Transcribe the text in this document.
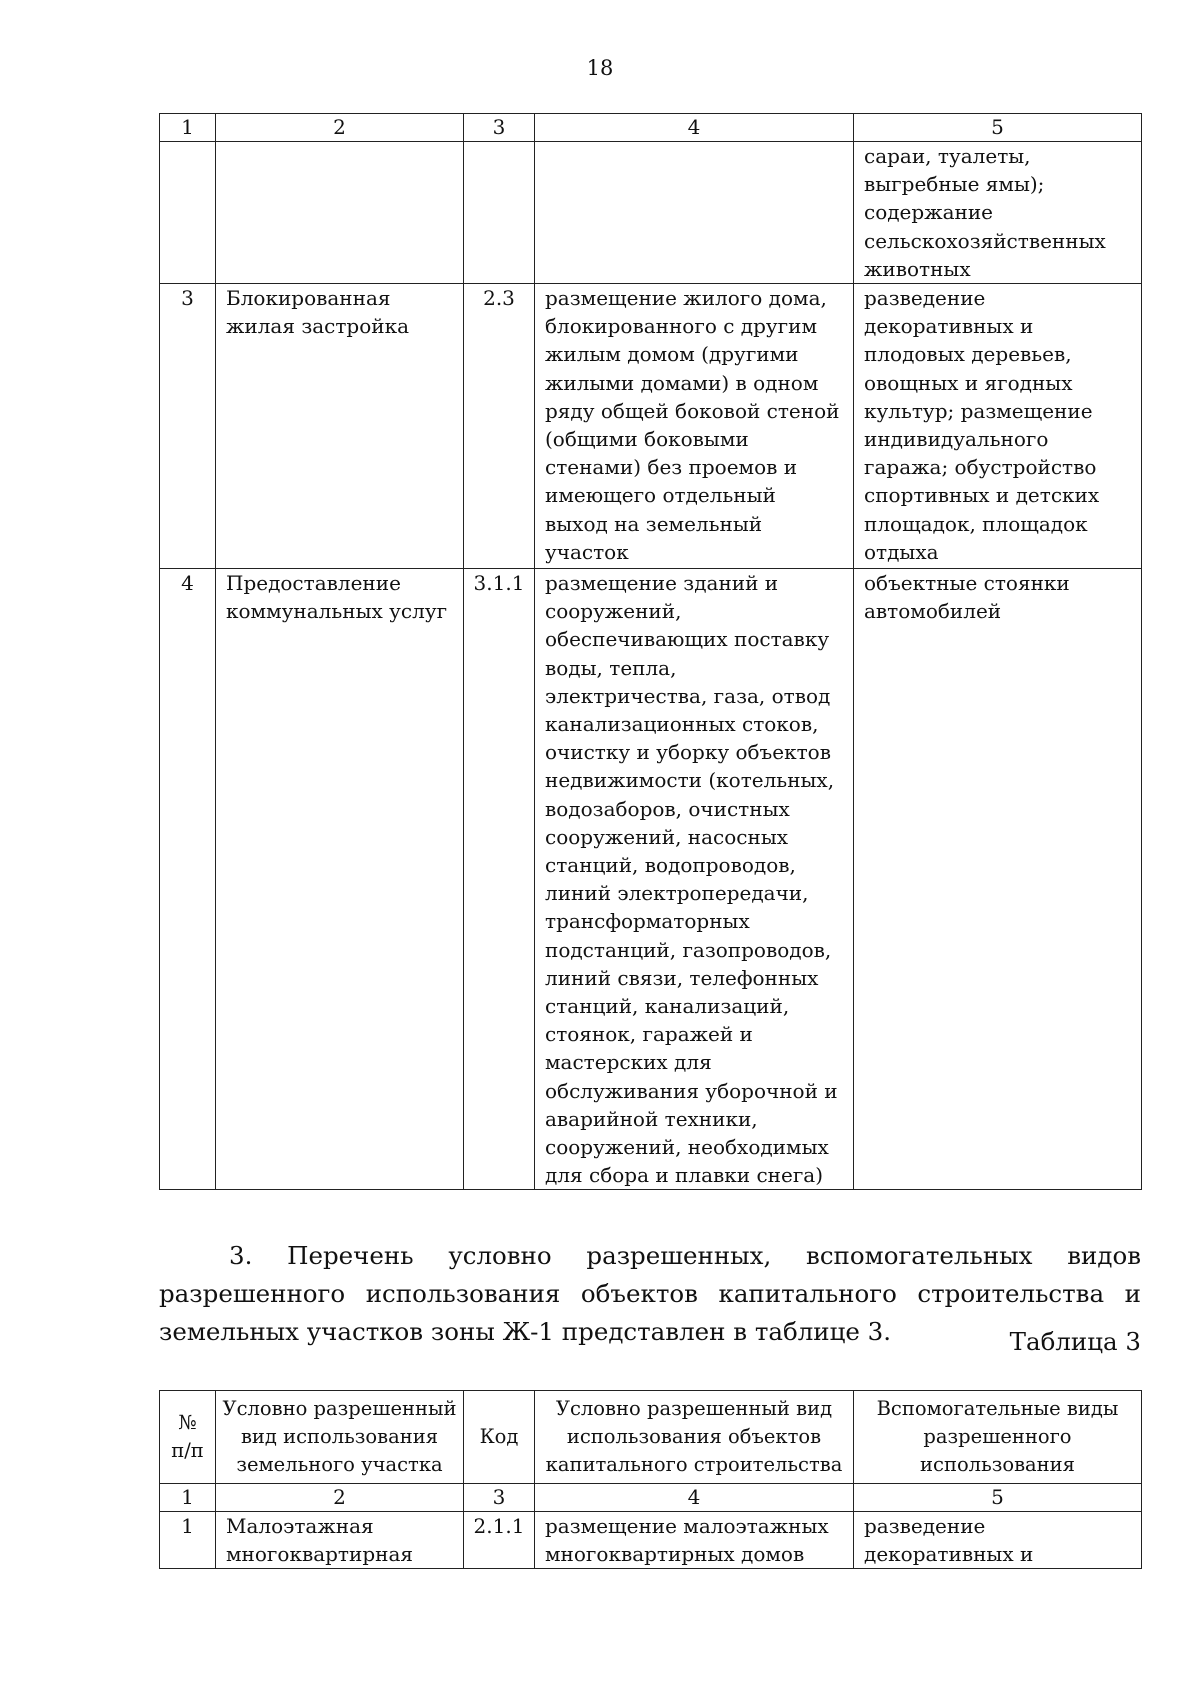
18
1	2	3	4	5
				сараи, туалеты, выгребные ямы); содержание сельскохозяйственных животных
3	Блокированная жилая застройка	2.3	размещение жилого дома, блокированного с другим жилым домом (другими жилыми домами) в одном ряду общей боковой стеной (общими боковыми стенами) без проемов и имеющего отдельный выход на земельный участок	разведение декоративных и плодовых деревьев, овощных и ягодных культур; размещение индивидуального гаража; обустройство спортивных и детских площадок, площадок отдыха
4	Предоставление коммунальных услуг	3.1.1	размещение зданий и сооружений, обеспечивающих поставку воды, тепла, электричества, газа, отвод канализационных стоков, очистку и уборку объектов недвижимости (котельных, водозаборов, очистных сооружений, насосных станций, водопроводов, линий электропередачи, трансформаторных подстанций, газопроводов, линий связи, телефонных станций, канализаций, стоянок, гаражей и мастерских для обслуживания уборочной и аварийной техники, сооружений, необходимых для сбора и плавки снега)	объектные стоянки автомобилей

3. Перечень условно разрешенных, вспомогательных видов разрешенного использования объектов капитального строительства и земельных участков зоны Ж-1 представлен в таблице 3.	Таблица 3
№ п/п	Условно разрешенный вид использования земельного участка	Код	Условно разрешенный вид использования объектов капитального строительства	Вспомогательные виды разрешенного использования
1	2	3	4	5
1	Малоэтажная многоквартирная	2.1.1	размещение малоэтажных многоквартирных домов	разведение декоративных и
